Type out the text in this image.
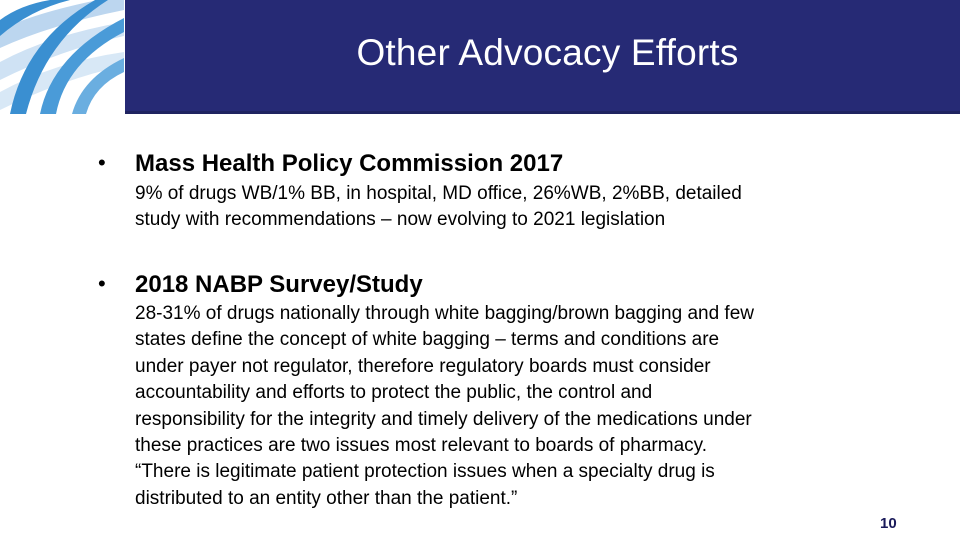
Other Advocacy Efforts
• Mass Health Policy Commission 2017
9% of drugs WB/1% BB, in hospital, MD office, 26%WB, 2%BB, detailed
study with recommendations – now evolving to 2021 legislation
• 2018 NABP Survey/Study
28-31% of drugs nationally through white bagging/brown bagging and few
states define the concept of white bagging – terms and conditions are
under payer not regulator, therefore regulatory boards must consider
accountability and efforts to protect the public, the control and
responsibility for the integrity and timely delivery of the medications under
these practices are two issues most relevant to boards of pharmacy.
“There is legitimate patient protection issues when a specialty drug is
distributed to an entity other than the patient.”
10
